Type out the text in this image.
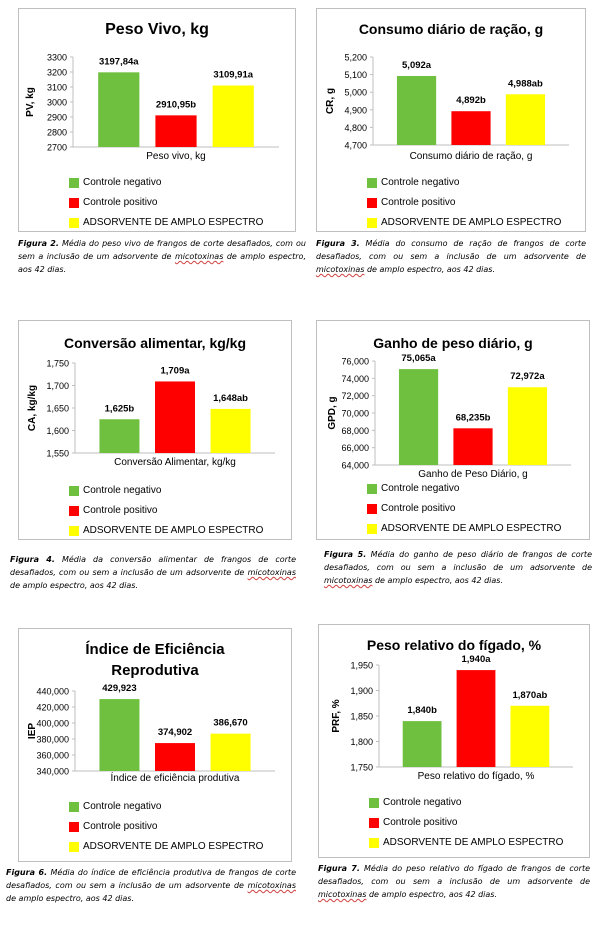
Peso Vivo, kg
2700
2800
2900
3000
3100
3200
3300
PV, kg
3197,84a
2910,95b
3109,91a
Peso vivo, kg
Controle negativo
Controle positivo
ADSORVENTE DE AMPLO ESPECTRO
Figura 2. Média do peso vivo de frangos de corte desafiados, com ou sem a inclusão de um adsorvente de micotoxinas de amplo espectro, aos 42 dias.
Consumo diário de ração, g
4,700
4,800
4,900
5,000
5,100
5,200
CR, g
5,092a
4,892b
4,988ab
Consumo diário de ração, g
Controle negativo
Controle positivo
ADSORVENTE DE AMPLO ESPECTRO
Figura 3. Média do consumo de ração de frangos de corte desafiados, com ou sem a inclusão de um adsorvente de micotoxinas de amplo espectro, aos 42 dias.
Conversão alimentar, kg/kg
1,550
1,600
1,650
1,700
1,750
CA, kg/kg	1,625b
1,709a
1,648ab
Conversão Alimentar, kg/kg
Controle negativo
Controle positivo
ADSORVENTE DE AMPLO ESPECTRO
Figura 4. Média da conversão alimentar de frangos de corte desafiados, com ou sem a inclusão de um adsorvente de micotoxinas de amplo espectro, aos 42 dias.
Ganho de peso diário, g
64,000
66,000
68,000
70,000
72,000
74,000
76,000
GPD, g
75,065a
68,235b
72,972a
Ganho de Peso Diário, g
Controle negativo
Controle positivo
ADSORVENTE DE AMPLO ESPECTRO
Figura 5. Média do ganho de peso diário de frangos de corte desafiados, com ou sem a inclusão de um adsorvente de micotoxinas de amplo espectro, aos 42 dias.
Índice de Eficiência Reprodutiva
340,000
360,000
380,000
400,000
420,000
440,000
IEP
429,923
374,902
386,670
Índice de eficiência produtiva
Controle negativo
Controle positivo
ADSORVENTE DE AMPLO ESPECTRO
Figura 6. Média do índice de eficiência produtiva de frangos de corte desafiados, com ou sem a inclusão de um adsorvente de micotoxinas de amplo espectro, aos 42 dias.
Peso relativo do fígado, %
1,750
1,800
1,850
1,900
1,950
PRF, %	1,840b
1,940a
1,870ab
Peso relativo do fígado, %
Controle negativo
Controle positivo
ADSORVENTE DE AMPLO ESPECTRO
Figura 7. Média do peso relativo do fígado de frangos de corte desafiados, com ou sem a inclusão de um adsorvente de micotoxinas de amplo espectro, aos 42 dias.
